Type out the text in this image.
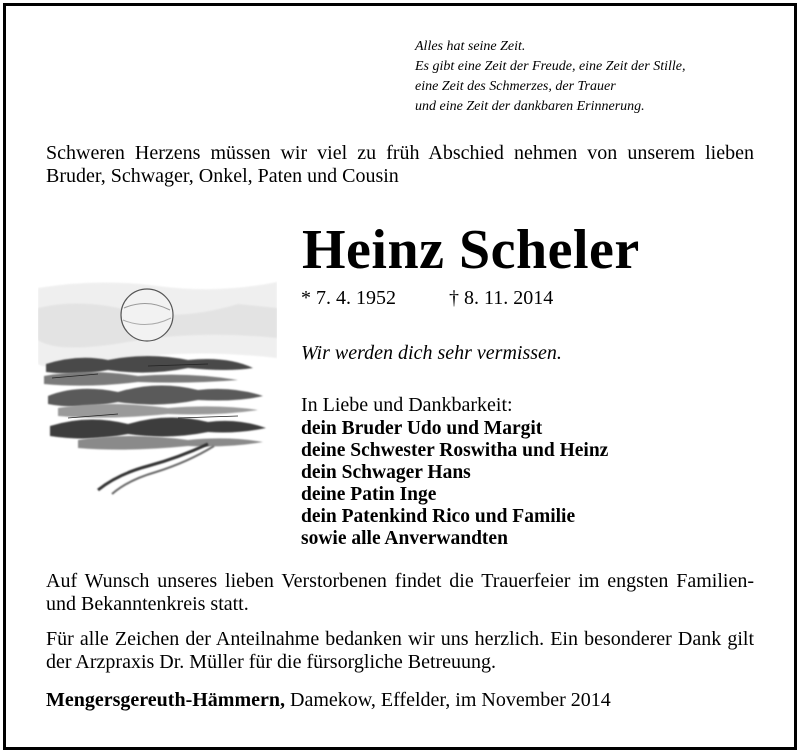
Alles hat seine Zeit.
Es gibt eine Zeit der Freude, eine Zeit der Stille,
eine Zeit des Schmerzes, der Trauer
und eine Zeit der dankbaren Erinnerung.
Schweren Herzens müssen wir viel zu früh Abschied nehmen von unserem lieben Bruder, Schwager, Onkel, Paten und Cousin
Heinz Scheler
* 7. 4. 1952	† 8. 11. 2014
Wir werden dich sehr vermissen.
In Liebe und Dankbarkeit:
dein Bruder Udo und Margit
deine Schwester Roswitha und Heinz
dein Schwager Hans
deine Patin Inge
dein Patenkind Rico und Familie
sowie alle Anverwandten
Auf Wunsch unseres lieben Verstorbenen findet die Trauerfeier im engsten Familien- und Bekanntenkreis statt.
Für alle Zeichen der Anteilnahme bedanken wir uns herzlich. Ein besonderer Dank gilt der Arzpraxis Dr. Müller für die fürsorgliche Betreuung.
Mengersgereuth-Hämmern, Damekow, Effelder, im November 2014
